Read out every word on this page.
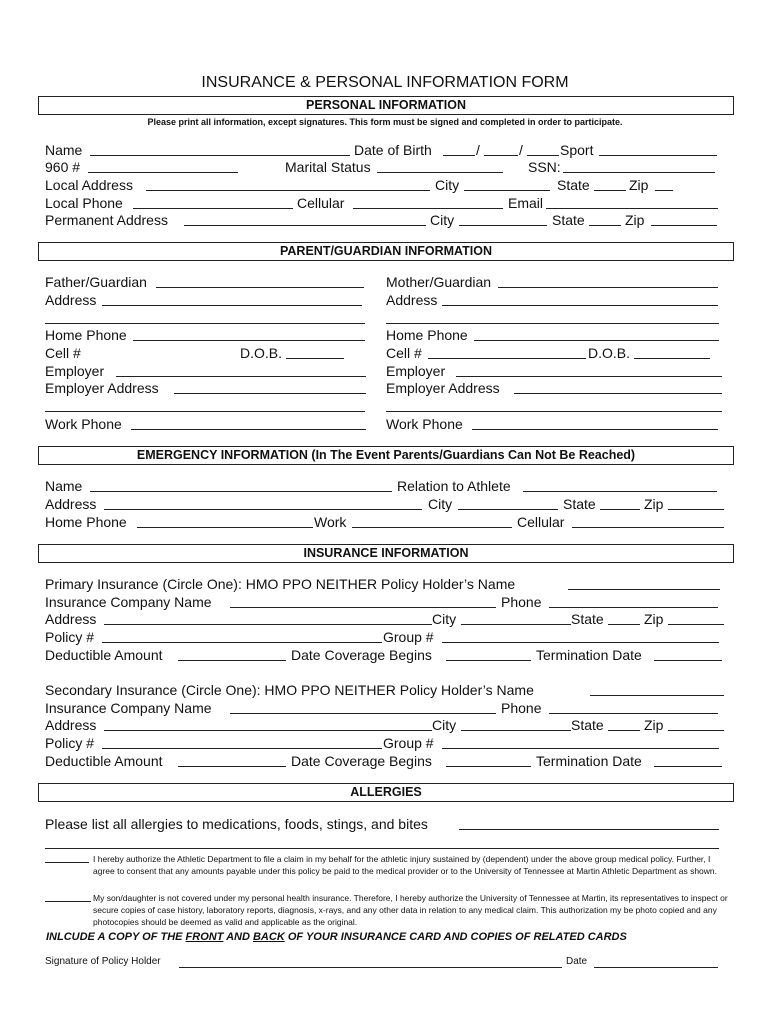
INSURANCE & PERSONAL INFORMATION FORM
PERSONAL INFORMATION
Please print all information, except signatures. This form must be signed and completed in order to participate.
Name	Date of Birth	/	/	Sport
960 #	Marital Status	SSN:
Local Address	City	State	Zip
Local Phone	Cellular	Email
Permanent Address	City	State	Zip
PARENT/GUARDIAN INFORMATION
Father/Guardian	Mother/Guardian
Address	Address
Home Phone	Home Phone
Cell #	D.O.B.	Cell #	D.O.B.
Employer	Employer
Employer Address	Employer Address
Work Phone	Work Phone
EMERGENCY INFORMATION (In The Event Parents/Guardians Can Not Be Reached)
Name	Relation to Athlete
Address	City	State	Zip
Home Phone	Work	Cellular
INSURANCE INFORMATION
Primary Insurance (Circle One): HMO PPO NEITHER Policy Holder’s Name
Insurance Company Name	Phone
Address	City	State	Zip
Policy #	Group #
Deductible Amount	Date Coverage Begins	Termination Date
Secondary Insurance (Circle One): HMO PPO NEITHER Policy Holder’s Name
Insurance Company Name	Phone
Address	City	State	Zip
Policy #	Group #
Deductible Amount	Date Coverage Begins	Termination Date
ALLERGIES
Please list all allergies to medications, foods, stings, and bites
I hereby authorize the Athletic Department to file a claim in my behalf for the athletic injury sustained by (dependent) under the above group medical policy. Further, I agree to consent that any amounts payable under this policy be paid to the medical provider or to the University of Tennessee at Martin Athletic Department as shown.
My son/daughter is not covered under my personal health insurance. Therefore, I hereby authorize the University of Tennessee at Martin, its representatives to inspect or secure copies of case history, laboratory reports, diagnosis, x-rays, and any other data in relation to any medical claim. This authorization my be photo copied and any photocopies should be deemed as valid and applicable as the original.
INLCUDE A COPY OF THE FRONT AND BACK OF YOUR INSURANCE CARD AND COPIES OF RELATED CARDS
Signature of Policy Holder	Date
